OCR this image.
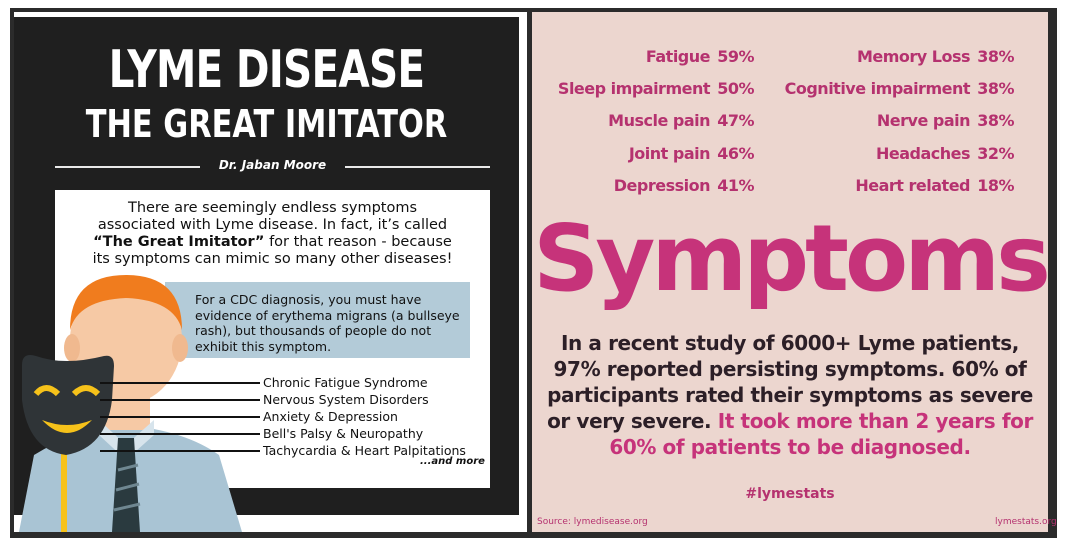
LYME DISEASE
THE GREAT IMITATOR
Dr. Jaban Moore
There are seemingly endless symptoms associated with Lyme disease. In fact, it’s called “The Great Imitator” for that reason - because its symptoms can mimic so many other diseases!
For a CDC diagnosis, you must have evidence of erythema migrans (a bullseye rash), but thousands of people do not exhibit this symptom.
Chronic Fatigue Syndrome
Nervous System Disorders
Anxiety & Depression
Bell's Palsy & Neuropathy
Tachycardia & Heart Palpitations
...and more
Fatigue 59%
Sleep impairment 50%
Muscle pain 47%
Joint pain 46%
Depression 41%
Memory Loss 38%
Cognitive impairment 38%
Nerve pain 38%
Headaches 32%
Heart related 18%
Symptoms
In a recent study of 6000+ Lyme patients, 97% reported persisting symptoms. 60% of participants rated their symptoms as severe or very severe. It took more than 2 years for 60% of patients to be diagnosed.
#lymestats
Source: lymedisease.org	lymestats.org
